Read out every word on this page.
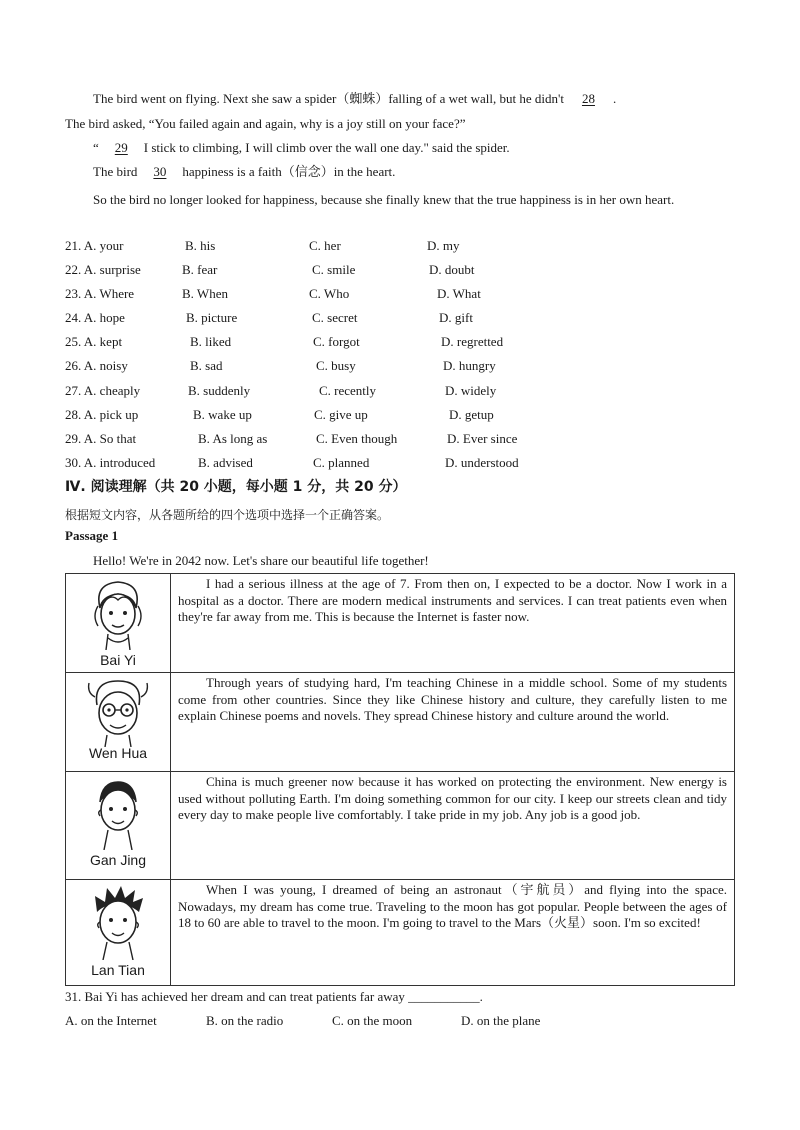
The bird went on flying. Next she saw a spider（蜘蛛）falling of a wet wall, but he didn't 28 .
The bird asked, “You failed again and again, why is a joy still on your face?”
“ 29 I stick to climbing, I will climb over the wall one day." said the spider.
The bird 30 happiness is a faith（信念）in the heart.
So the bird no longer looked for happiness, because she finally knew that the true happiness is in her own heart.
21. A. your	B. his	C. her	D. my
22. A. surprise	B. fear	C. smile	D. doubt
23. A. Where	B. When	C. Who	D. What
24. A. hope	B. picture	C. secret	D. gift
25. A. kept	B. liked	C. forgot	D. regretted
26. A. noisy	B. sad	C. busy	D. hungry
27. A. cheaply	B. suddenly	C. recently	D. widely
28. A. pick up	B. wake up	C. give up	D. getup
29. A. So that	B. As long as	C. Even though	D. Ever since
30. A. introduced	B. advised	C. planned	D. understood
Ⅳ. 阅读理解（共 20 小题，每小题 1 分，共 20 分）
根据短文内容，从各题所给的四个选项中选择一个正确答案。
Passage 1
Hello! We're in 2042 now. Let's share our beautiful life together!
Bai Yi	I had a serious illness at the age of 7. From then on, I expected to be a doctor. Now I work in a hospital as a doctor. There are modern medical instruments and services. I can treat patients even when they're far away from me. This is because the Internet is faster now.

Wen Hua	Through years of studying hard, I'm teaching Chinese in a middle school. Some of my students come from other countries. Since they like Chinese history and culture, they carefully listen to me explain Chinese poems and novels. They spread Chinese history and culture around the world.

Gan Jing	China is much greener now because it has worked on protecting the environment. New energy is used without polluting Earth. I'm doing something common for our city. I keep our streets clean and tidy every day to make people live comfortably. I take pride in my job. Any job is a good job.

Lan Tian	When I was young, I dreamed of being an astronaut（宇航员）and flying into the space. Nowadays, my dream has come true. Traveling to the moon has got popular. People between the ages of 18 to 60 are able to travel to the moon. I'm going to travel to the Mars（火星）soon. I'm so excited!

31. Bai Yi has achieved her dream and can treat patients far away ___________.
A. on the Internet	B. on the radio	C. on the moon	D. on the plane
